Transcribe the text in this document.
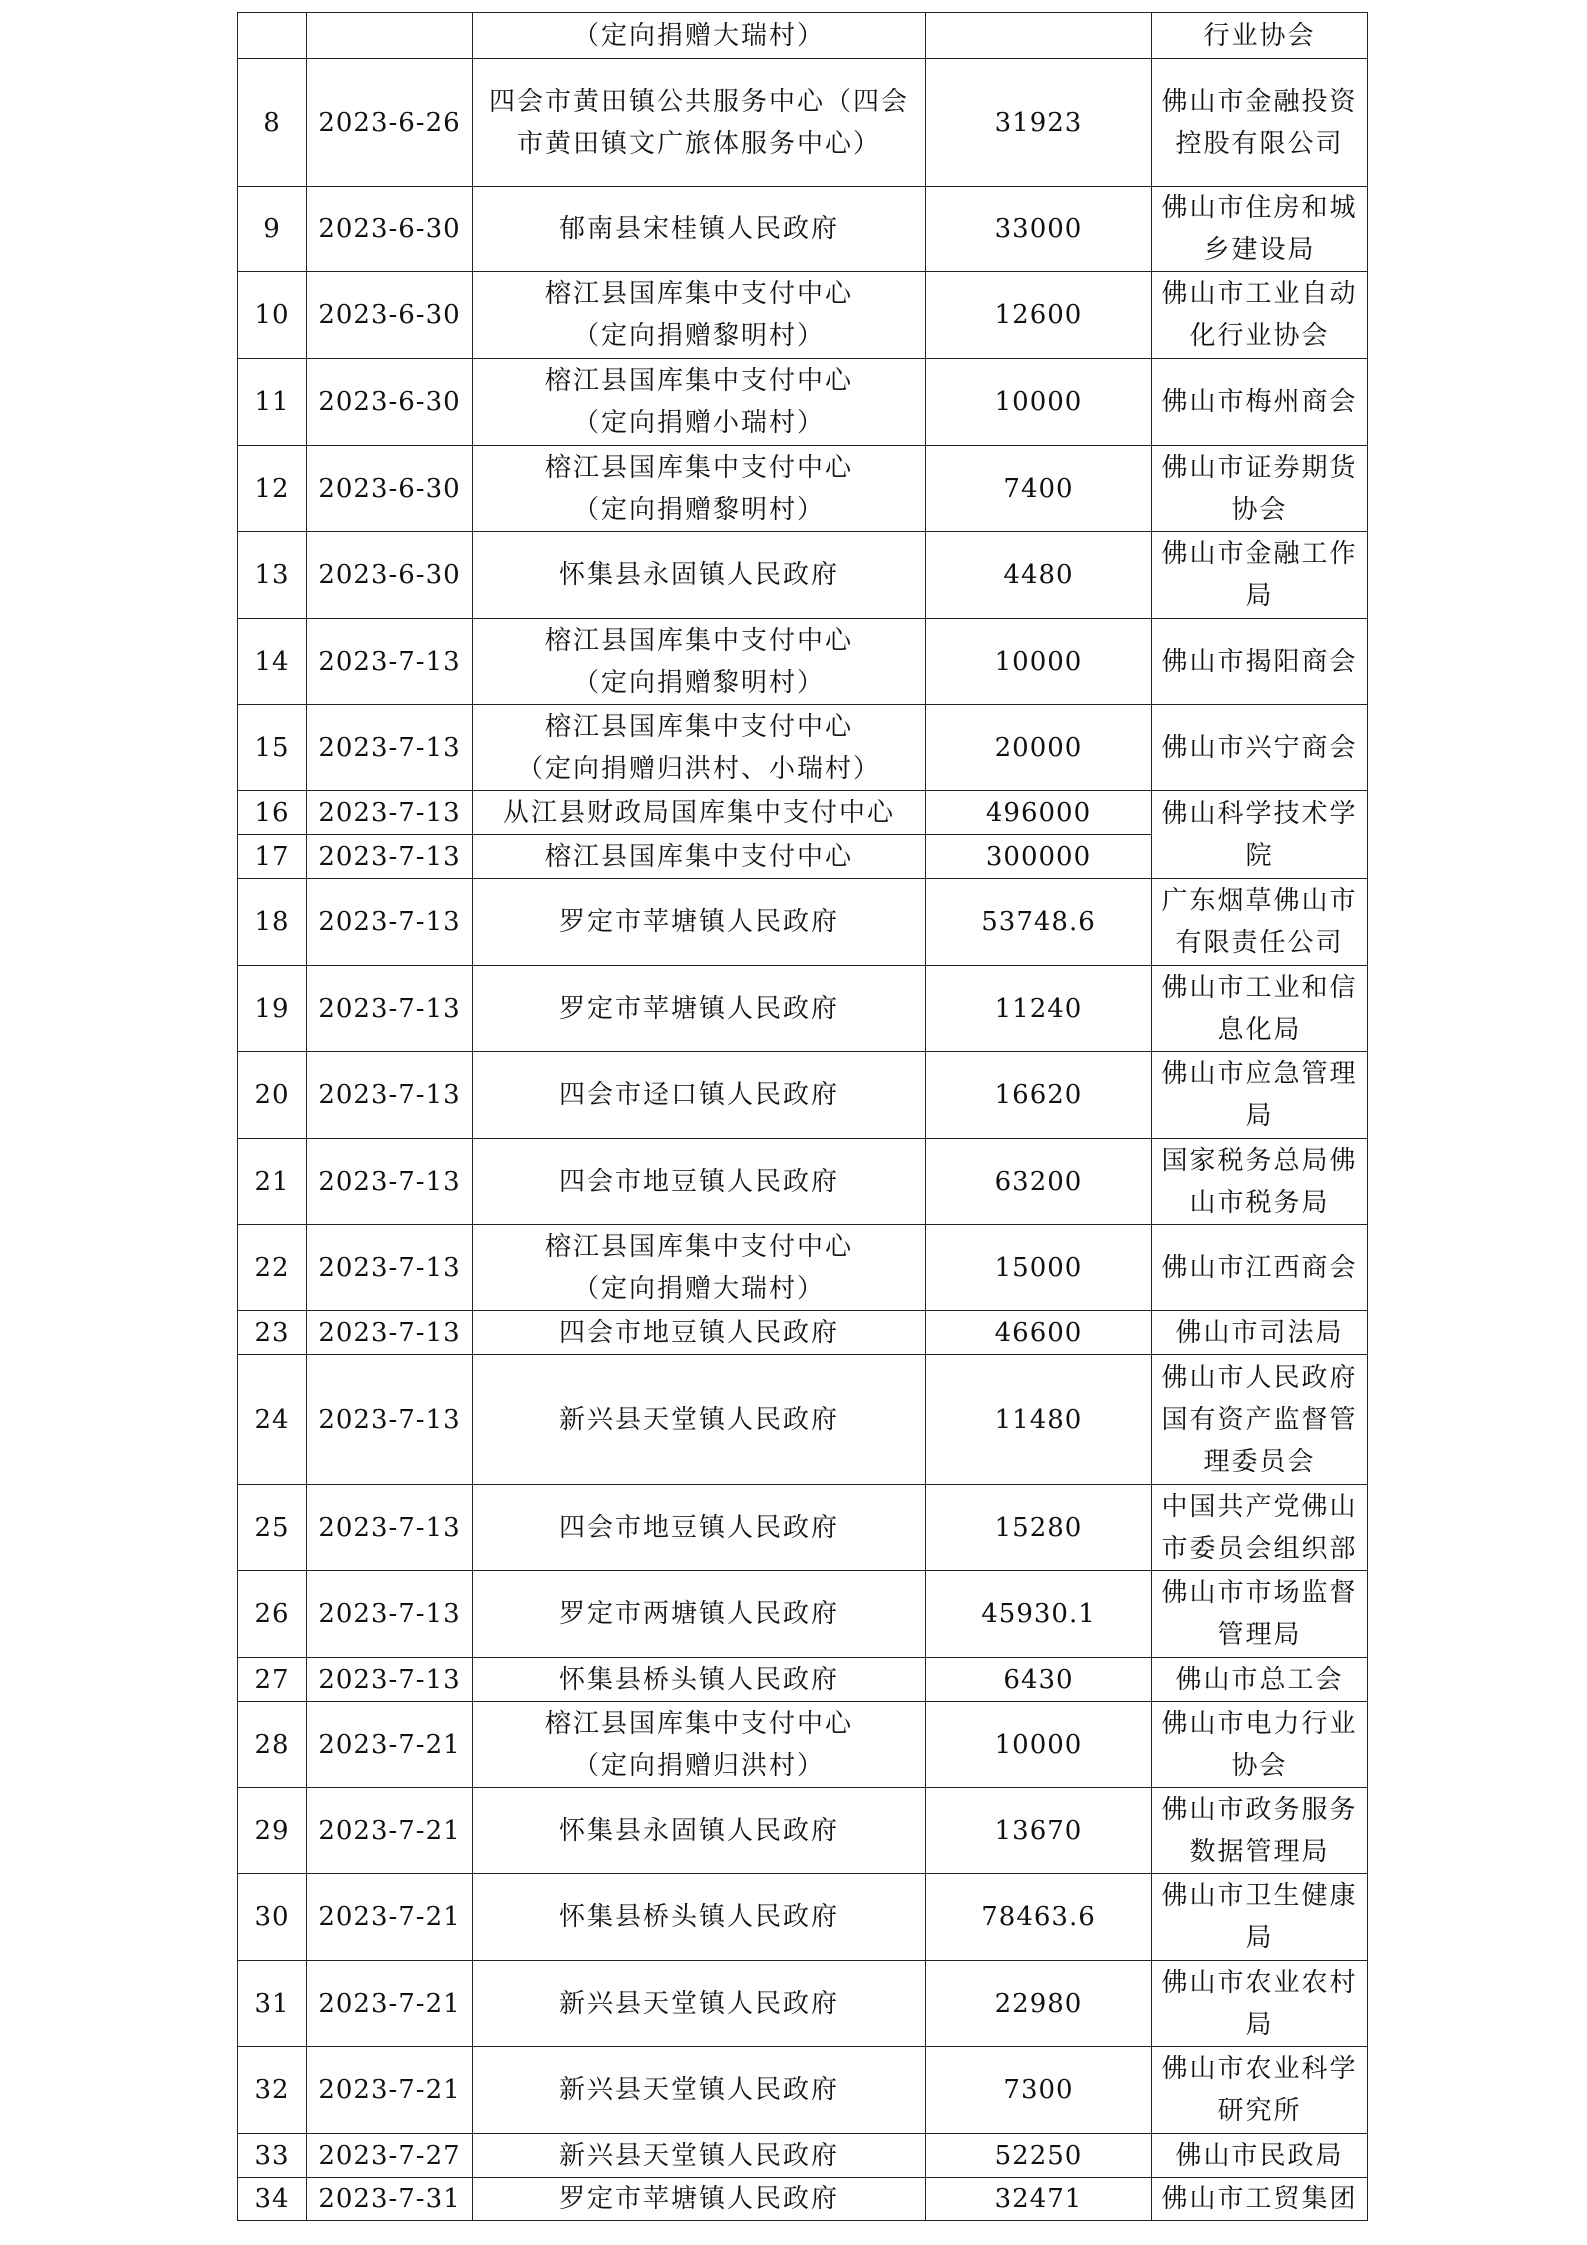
		（定向捐赠大瑞村）		行业协会

8	2023-6-26	四会市黄田镇公共服务中心（四会
市黄田镇文广旅体服务中心）	31923	佛山市金融投资
控股有限公司

9	2023-6-30	郁南县宋桂镇人民政府	33000	佛山市住房和城
乡建设局

10	2023-6-30	榕江县国库集中支付中心
（定向捐赠黎明村）	12600	佛山市工业自动
化行业协会

11	2023-6-30	榕江县国库集中支付中心
（定向捐赠小瑞村）	10000	佛山市梅州商会

12	2023-6-30	榕江县国库集中支付中心
（定向捐赠黎明村）	7400	佛山市证券期货
协会

13	2023-6-30	怀集县永固镇人民政府	4480	佛山市金融工作
局

14	2023-7-13	榕江县国库集中支付中心
（定向捐赠黎明村）	10000	佛山市揭阳商会

15	2023-7-13	榕江县国库集中支付中心
（定向捐赠归洪村、小瑞村）	20000	佛山市兴宁商会

16	2023-7-13	从江县财政局国库集中支付中心	496000	佛山科学技术学
院

17	2023-7-13	榕江县国库集中支付中心	300000	
18	2023-7-13	罗定市苹塘镇人民政府	53748.6	广东烟草佛山市
有限责任公司

19	2023-7-13	罗定市苹塘镇人民政府	11240	佛山市工业和信
息化局

20	2023-7-13	四会市迳口镇人民政府	16620	佛山市应急管理
局

21	2023-7-13	四会市地豆镇人民政府	63200	国家税务总局佛
山市税务局

22	2023-7-13	榕江县国库集中支付中心
（定向捐赠大瑞村）	15000	佛山市江西商会

23	2023-7-13	四会市地豆镇人民政府	46600	佛山市司法局

24	2023-7-13	新兴县天堂镇人民政府	11480	佛山市人民政府
国有资产监督管
理委员会

25	2023-7-13	四会市地豆镇人民政府	15280	中国共产党佛山
市委员会组织部

26	2023-7-13	罗定市两塘镇人民政府	45930.1	佛山市市场监督
管理局

27	2023-7-13	怀集县桥头镇人民政府	6430	佛山市总工会

28	2023-7-21	榕江县国库集中支付中心
（定向捐赠归洪村）	10000	佛山市电力行业
协会

29	2023-7-21	怀集县永固镇人民政府	13670	佛山市政务服务
数据管理局

30	2023-7-21	怀集县桥头镇人民政府	78463.6	佛山市卫生健康
局

31	2023-7-21	新兴县天堂镇人民政府	22980	佛山市农业农村
局

32	2023-7-21	新兴县天堂镇人民政府	7300	佛山市农业科学
研究所

33	2023-7-27	新兴县天堂镇人民政府	52250	佛山市民政局

34	2023-7-31	罗定市苹塘镇人民政府	32471	佛山市工贸集团
